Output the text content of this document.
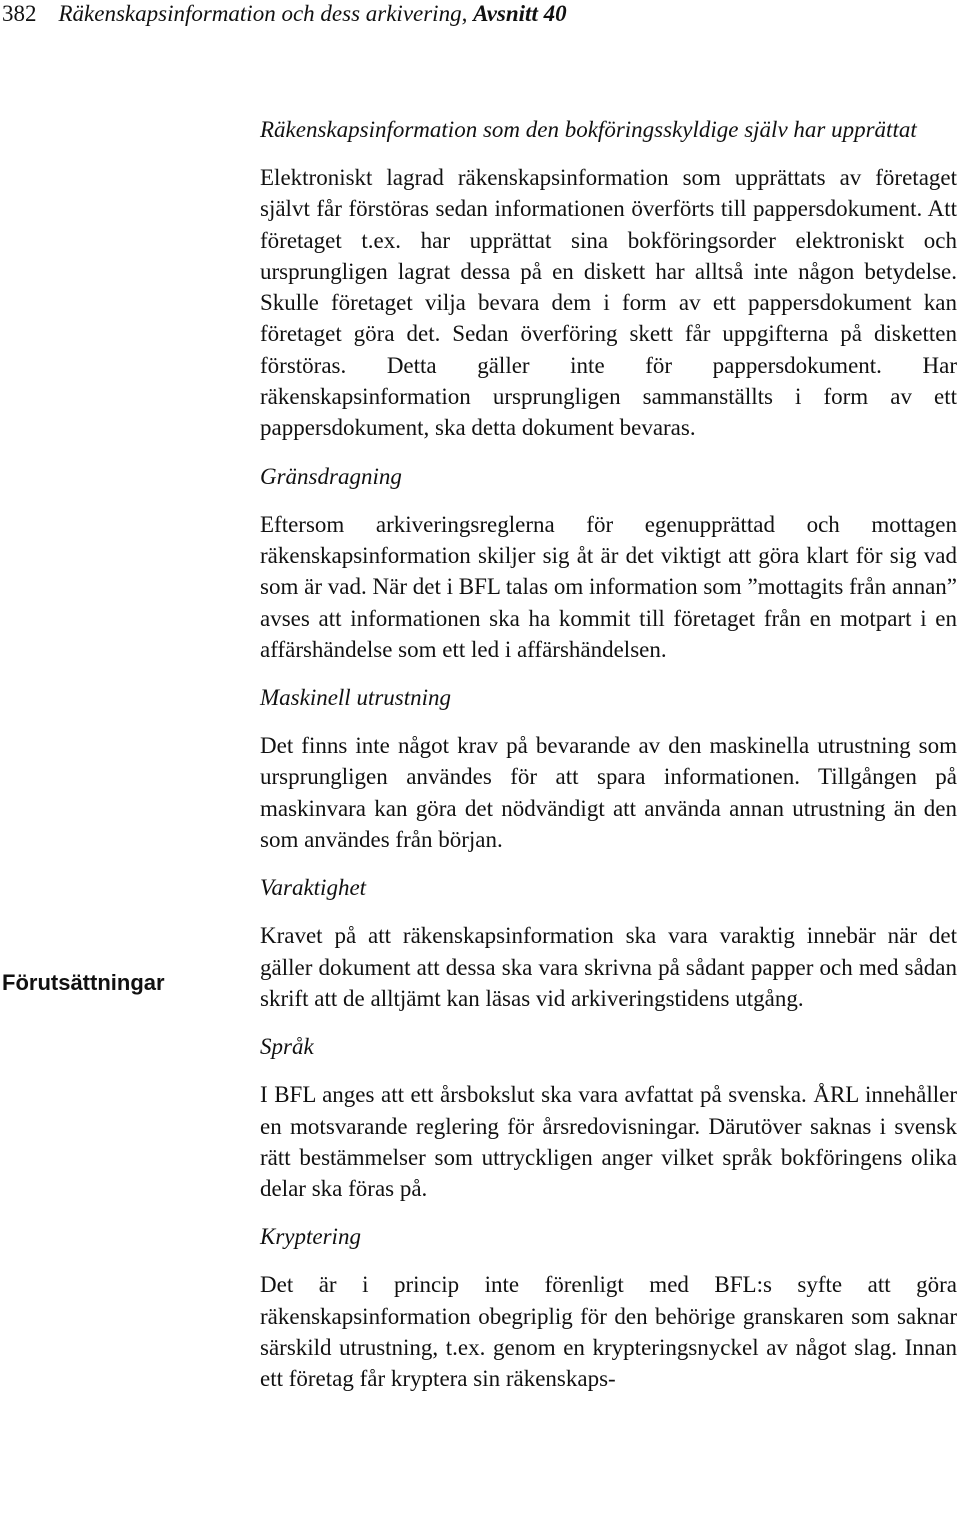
382 Räkenskapsinformation och dess arkivering, Avsnitt 40
Förutsättningar
Räkenskapsinformation som den bokföringsskyldige själv har upprättat
Elektroniskt lagrad räkenskapsinformation som upprättats av företaget självt får förstöras sedan informationen överförts till pappersdokument. Att företaget t.ex. har upprättat sina bokföringsorder elektroniskt och ursprungligen lagrat dessa på en diskett har alltså inte någon betydelse. Skulle företaget vilja bevara dem i form av ett pappersdokument kan företaget göra det. Sedan överföring skett får uppgifterna på disketten förstöras. Detta gäller inte för pappersdokument. Har räkenskapsinformation ursprungligen sammanställts i form av ett pappersdokument, ska detta dokument bevaras.
Gränsdragning
Eftersom arkiveringsreglerna för egenupprättad och mottagen räkenskapsinformation skiljer sig åt är det viktigt att göra klart för sig vad som är vad. När det i BFL talas om information som ”mottagits från annan” avses att informationen ska ha kommit till företaget från en motpart i en affärshändelse som ett led i affärshändelsen.
Maskinell utrustning
Det finns inte något krav på bevarande av den maskinella utrustning som ursprungligen användes för att spara informationen. Tillgången på maskinvara kan göra det nödvändigt att använda annan utrustning än den som användes från början.
Varaktighet
Kravet på att räkenskapsinformation ska vara varaktig innebär när det gäller dokument att dessa ska vara skrivna på sådant papper och med sådan skrift att de alltjämt kan läsas vid arkiveringstidens utgång.
Språk
I BFL anges att ett årsbokslut ska vara avfattat på svenska. ÅRL innehåller en motsvarande reglering för årsredovisningar. Därutöver saknas i svensk rätt bestämmelser som uttryckligen anger vilket språk bokföringens olika delar ska föras på.
Kryptering
Det är i princip inte förenligt med BFL:s syfte att göra räkenskapsinformation obegriplig för den behörige granskaren som saknar särskild utrustning, t.ex. genom en krypteringsnyckel av något slag. Innan ett företag får kryptera sin räkenskaps-
